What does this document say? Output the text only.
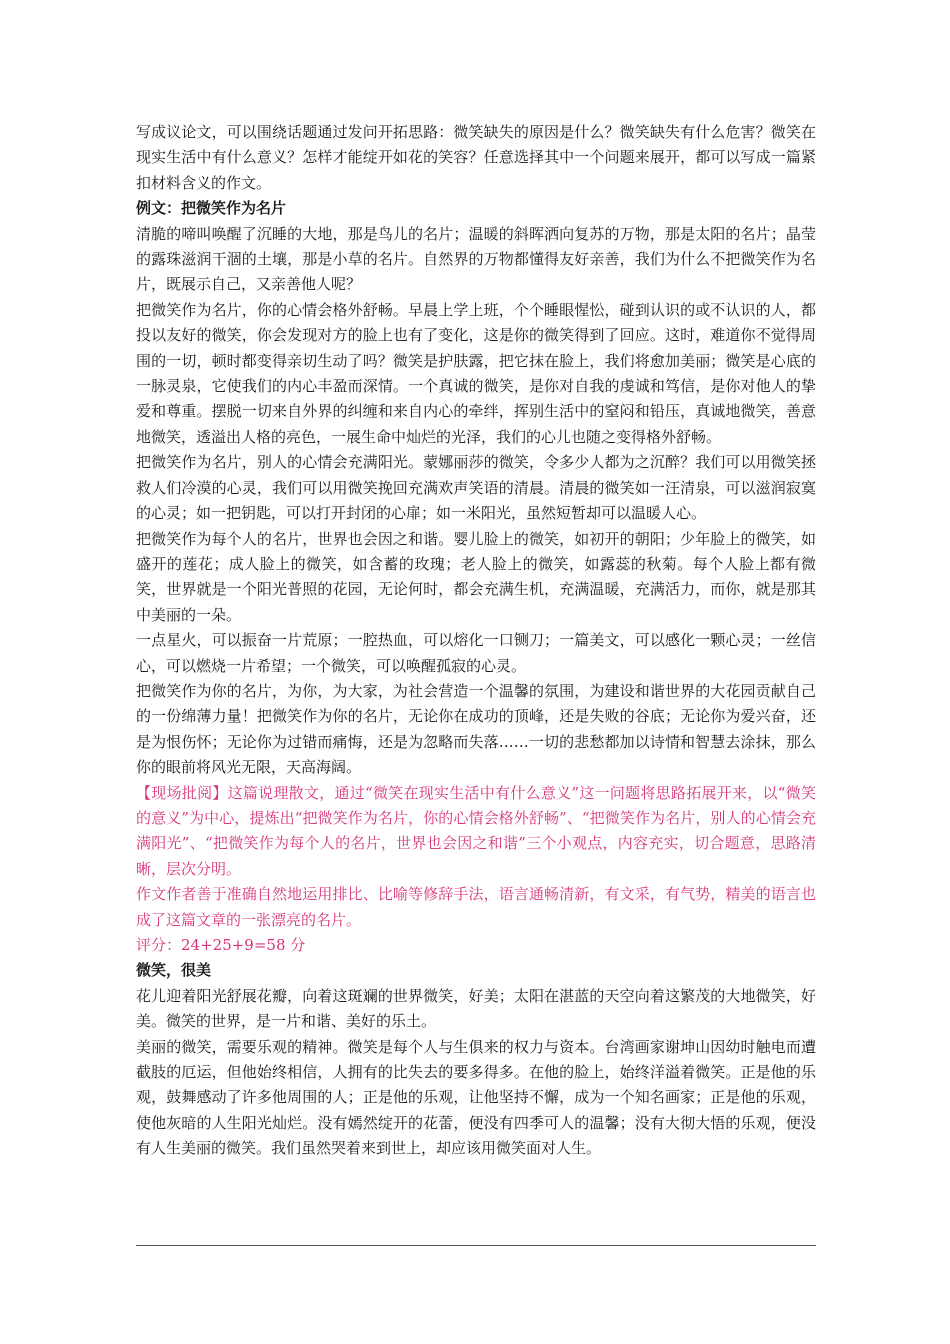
写成议论文，可以围绕话题通过发问开拓思路：微笑缺失的原因是什么？微笑缺失有什么危害？微笑在现实生活中有什么意义？怎样才能绽开如花的笑容？任意选择其中一个问题来展开，都可以写成一篇紧扣材料含义的作文。

例文：把微笑作为名片

清脆的啼叫唤醒了沉睡的大地，那是鸟儿的名片；温暖的斜晖洒向复苏的万物，那是太阳的名片；晶莹的露珠滋润干涸的土壤，那是小草的名片。自然界的万物都懂得友好亲善，我们为什么不把微笑作为名片，既展示自己，又亲善他人呢？

把微笑作为名片，你的心情会格外舒畅。早晨上学上班，个个睡眼惺忪，碰到认识的或不认识的人，都投以友好的微笑，你会发现对方的脸上也有了变化，这是你的微笑得到了回应。这时，难道你不觉得周围的一切，顿时都变得亲切生动了吗？微笑是护肤露，把它抹在脸上，我们将愈加美丽；微笑是心底的一脉灵泉，它使我们的内心丰盈而深情。一个真诚的微笑，是你对自我的虔诚和笃信，是你对他人的挚爱和尊重。摆脱一切来自外界的纠缠和来自内心的牵绊，挥别生活中的窒闷和铅压，真诚地微笑，善意地微笑，透溢出人格的亮色，一展生命中灿烂的光泽，我们的心儿也随之变得格外舒畅。

把微笑作为名片，别人的心情会充满阳光。蒙娜丽莎的微笑，令多少人都为之沉醉？我们可以用微笑拯救人们冷漠的心灵，我们可以用微笑挽回充满欢声笑语的清晨。清晨的微笑如一汪清泉，可以滋润寂寞的心灵；如一把钥匙，可以打开封闭的心扉；如一米阳光，虽然短暂却可以温暖人心。

把微笑作为每个人的名片，世界也会因之和谐。婴儿脸上的微笑，如初开的朝阳；少年脸上的微笑，如盛开的莲花；成人脸上的微笑，如含蓄的玫瑰；老人脸上的微笑，如露蕊的秋菊。每个人脸上都有微笑，世界就是一个阳光普照的花园，无论何时，都会充满生机，充满温暖，充满活力，而你，就是那其中美丽的一朵。

一点星火，可以振奋一片荒原；一腔热血，可以熔化一口铡刀；一篇美文，可以感化一颗心灵；一丝信心，可以燃烧一片希望；一个微笑，可以唤醒孤寂的心灵。

把微笑作为你的名片，为你，为大家，为社会营造一个温馨的氛围，为建设和谐世界的大花园贡献自己的一份绵薄力量！把微笑作为你的名片，无论你在成功的顶峰，还是失败的谷底；无论你为爱兴奋，还是为恨伤怀；无论你为过错而痛悔，还是为忽略而失落……一切的悲愁都加以诗情和智慧去涂抹，那么你的眼前将风光无限，天高海阔。

【现场批阅】这篇说理散文，通过“微笑在现实生活中有什么意义”这一问题将思路拓展开来，以“微笑的意义”为中心，提炼出“把微笑作为名片，你的心情会格外舒畅”、“把微笑作为名片，别人的心情会充满阳光”、“把微笑作为每个人的名片，世界也会因之和谐”三个小观点，内容充实，切合题意，思路清晰，层次分明。

作文作者善于准确自然地运用排比、比喻等修辞手法，语言通畅清新，有文采，有气势，精美的语言也成了这篇文章的一张漂亮的名片。

评分：24+25+9=58 分

微笑，很美

花儿迎着阳光舒展花瓣，向着这斑斓的世界微笑，好美；太阳在湛蓝的天空向着这繁茂的大地微笑，好美。微笑的世界，是一片和谐、美好的乐土。

美丽的微笑，需要乐观的精神。微笑是每个人与生俱来的权力与资本。台湾画家谢坤山因幼时触电而遭截肢的厄运，但他始终相信，人拥有的比失去的要多得多。在他的脸上，始终洋溢着微笑。正是他的乐观，鼓舞感动了许多他周围的人；正是他的乐观，让他坚持不懈，成为一个知名画家；正是他的乐观，使他灰暗的人生阳光灿烂。没有嫣然绽开的花蕾，便没有四季可人的温馨；没有大彻大悟的乐观，便没有人生美丽的微笑。我们虽然哭着来到世上，却应该用微笑面对人生。
